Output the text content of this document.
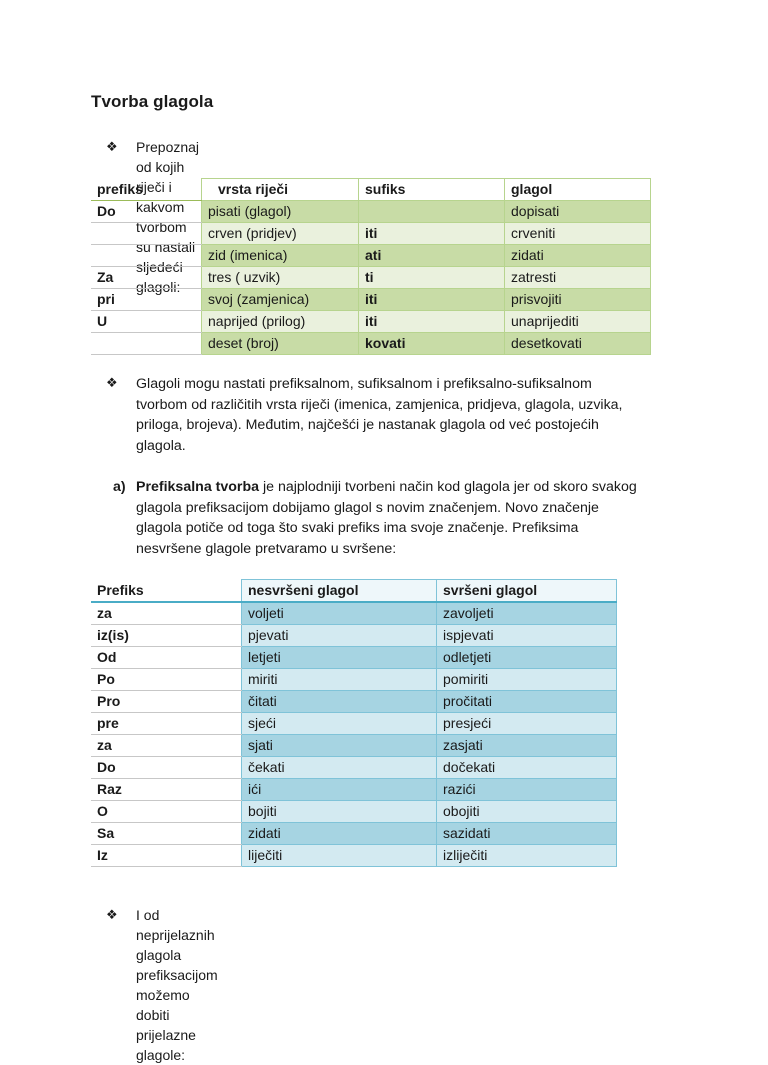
Tvorba glagola
❖ Prepoznaj od kojih riječi i kakvom tvorbom su nastali sljedeći glagoli:
prefiks	vrsta riječi	sufiks	glagol
Do	pisati (glagol)		dopisati
	crven (pridjev)	iti	crveniti
	zid (imenica)	ati	zidati
Za	tres ( uzvik)	ti	zatresti
pri	svoj (zamjenica)	iti	prisvojiti
U	naprijed (prilog)	iti	unaprijediti
	deset (broj)	kovati	desetkovati
❖ Glagoli mogu nastati prefiksalnom, sufiksalnom i prefiksalno-sufiksalnom
tvorbom od različitih vrsta riječi (imenica, zamjenica, pridjeva, glagola, uzvika,
priloga, brojeva). Međutim, najčešći je nastanak glagola od već postojećih
glagola.
a) Prefiksalna tvorba je najplodniji tvorbeni način kod glagola jer od skoro svakog
glagola prefiksacijom dobijamo glagol s novim značenjem. Novo značenje
glagola potiče od toga što svaki prefiks ima svoje značenje. Prefiksima
nesvršene glagole pretvaramo u svršene:
Prefiks	nesvršeni glagol	svršeni glagol
za	voljeti	zavoljeti
iz(is)	pjevati	ispjevati
Od	letjeti	odletjeti
Po	miriti	pomiriti
Pro	čitati	pročitati
pre	sjeći	presjeći
za	sjati	zasjati
Do	čekati	dočekati
Raz	ići	razići
O	bojiti	obojiti
Sa	zidati	sazidati
Iz	liječiti	izliječiti
❖ I od neprijelaznih glagola prefiksacijom možemo dobiti prijelazne glagole:
